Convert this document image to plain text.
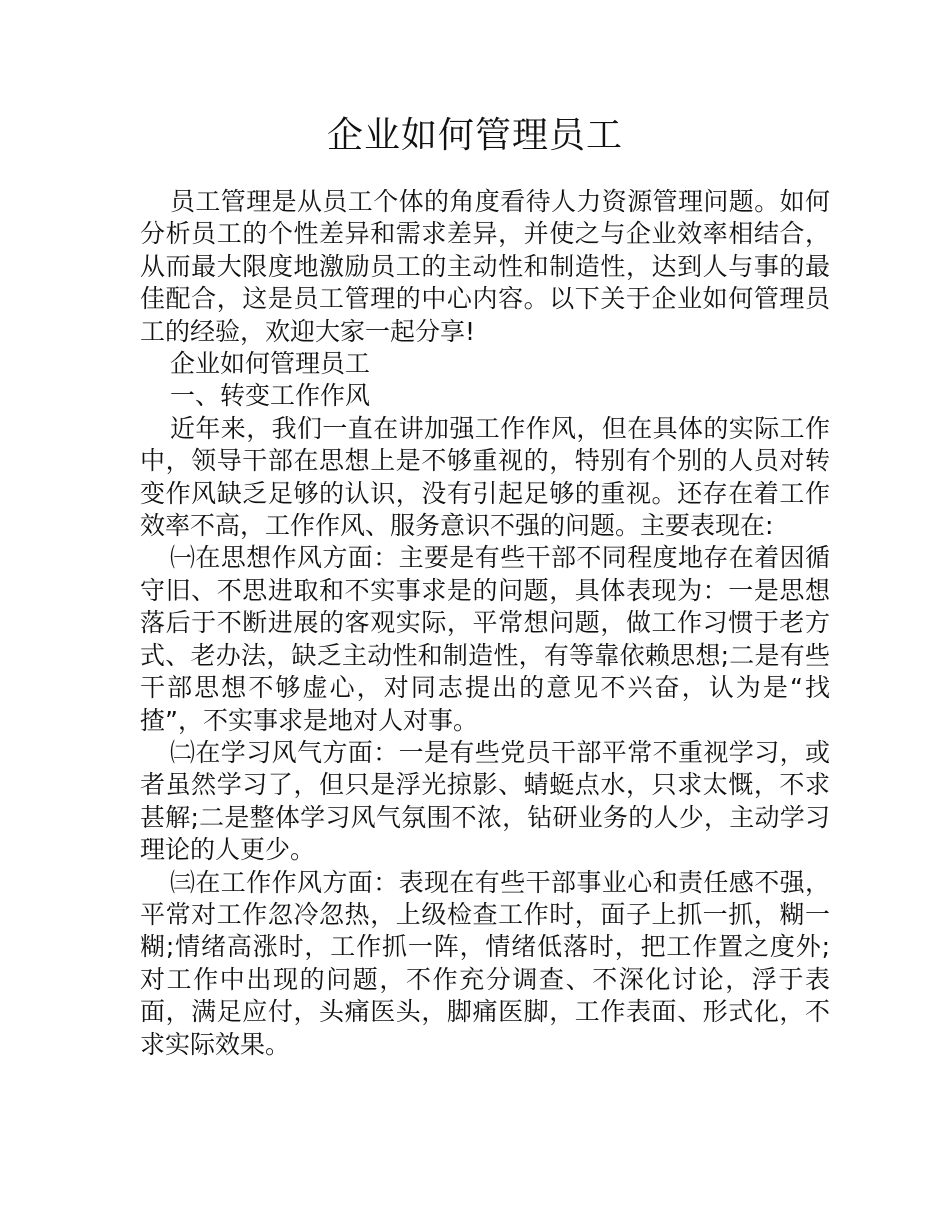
企业如何管理员工

员工管理是从员工个体的角度看待人力资源管理问题。如何分析员工的个性差异和需求差异，并使之与企业效率相结合，从而最大限度地激励员工的主动性和制造性，达到人与事的最佳配合，这是员工管理的中心内容。以下关于企业如何管理员工的经验，欢迎大家一起分享!

企业如何管理员工

一、转变工作作风

近年来，我们一直在讲加强工作作风，但在具体的实际工作中，领导干部在思想上是不够重视的，特别有个别的人员对转变作风缺乏足够的认识，没有引起足够的重视。还存在着工作效率不高，工作作风、服务意识不强的问题。主要表现在:

㈠在思想作风方面：主要是有些干部不同程度地存在着因循守旧、不思进取和不实事求是的问题，具体表现为：一是思想落后于不断进展的客观实际，平常想问题，做工作习惯于老方式、老办法，缺乏主动性和制造性，有等靠依赖思想;二是有些干部思想不够虚心，对同志提出的意见不兴奋，认为是“找揸”，不实事求是地对人对事。

㈡在学习风气方面：一是有些党员干部平常不重视学习，或者虽然学习了，但只是浮光掠影、蜻蜓点水，只求太慨，不求甚解;二是整体学习风气氛围不浓，钻研业务的人少，主动学习理论的人更少。

㈢在工作作风方面：表现在有些干部事业心和责任感不强，平常对工作忽冷忽热，上级检查工作时，面子上抓一抓，糊一糊;情绪高涨时，工作抓一阵，情绪低落时，把工作置之度外;对工作中出现的问题，不作充分调查、不深化讨论，浮于表面，满足应付，头痛医头，脚痛医脚，工作表面、形式化，不求实际效果。
